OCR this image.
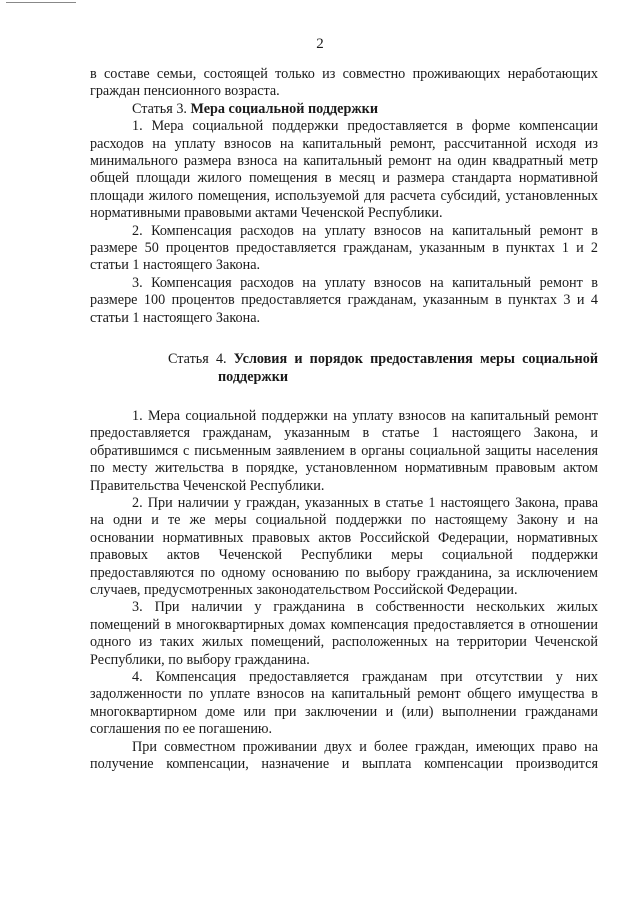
2

в составе семьи, состоящей только из совместно проживающих неработающих граждан пенсионного возраста.

Статья 3. Мера социальной поддержки

1. Мера социальной поддержки предоставляется в форме компенсации расходов на уплату взносов на капитальный ремонт, рассчитанной исходя из минимального размера взноса на капитальный ремонт на один квадратный метр общей площади жилого помещения в месяц и размера стандарта нормативной площади жилого помещения, используемой для расчета субсидий, установленных нормативными правовыми актами Чеченской Республики.

2. Компенсация расходов на уплату взносов на капитальный ремонт в размере 50 процентов предоставляется гражданам, указанным в пунктах 1 и 2 статьи 1 настоящего Закона.

3. Компенсация расходов на уплату взносов на капитальный ремонт в размере 100 процентов предоставляется гражданам, указанным в пунктах 3 и 4 статьи 1 настоящего Закона.

Статья 4. Условия и порядок предоставления меры социальной
поддержки

1. Мера социальной поддержки на уплату взносов на капитальный ремонт предоставляется гражданам, указанным в статье 1 настоящего Закона, и обратившимся с письменным заявлением в органы социальной защиты населения по месту жительства в порядке, установленном нормативным правовым актом Правительства Чеченской Республики.

2. При наличии у граждан, указанных в статье 1 настоящего Закона, права на одни и те же меры социальной поддержки по настоящему Закону и на основании нормативных правовых актов Российской Федерации, нормативных правовых актов Чеченской Республики меры социальной поддержки предоставляются по одному основанию по выбору гражданина, за исключением случаев, предусмотренных законодательством Российской Федерации.

3. При наличии у гражданина в собственности нескольких жилых помещений в многоквартирных домах компенсация предоставляется в отношении одного из таких жилых помещений, расположенных на территории Чеченской Республики, по выбору гражданина.

4. Компенсация предоставляется гражданам при отсутствии у них задолженности по уплате взносов на капитальный ремонт общего имущества в многоквартирном доме или при заключении и (или) выполнении гражданами соглашения по ее погашению.

При совместном проживании двух и более граждан, имеющих право на получение компенсации, назначение и выплата компенсации производится
